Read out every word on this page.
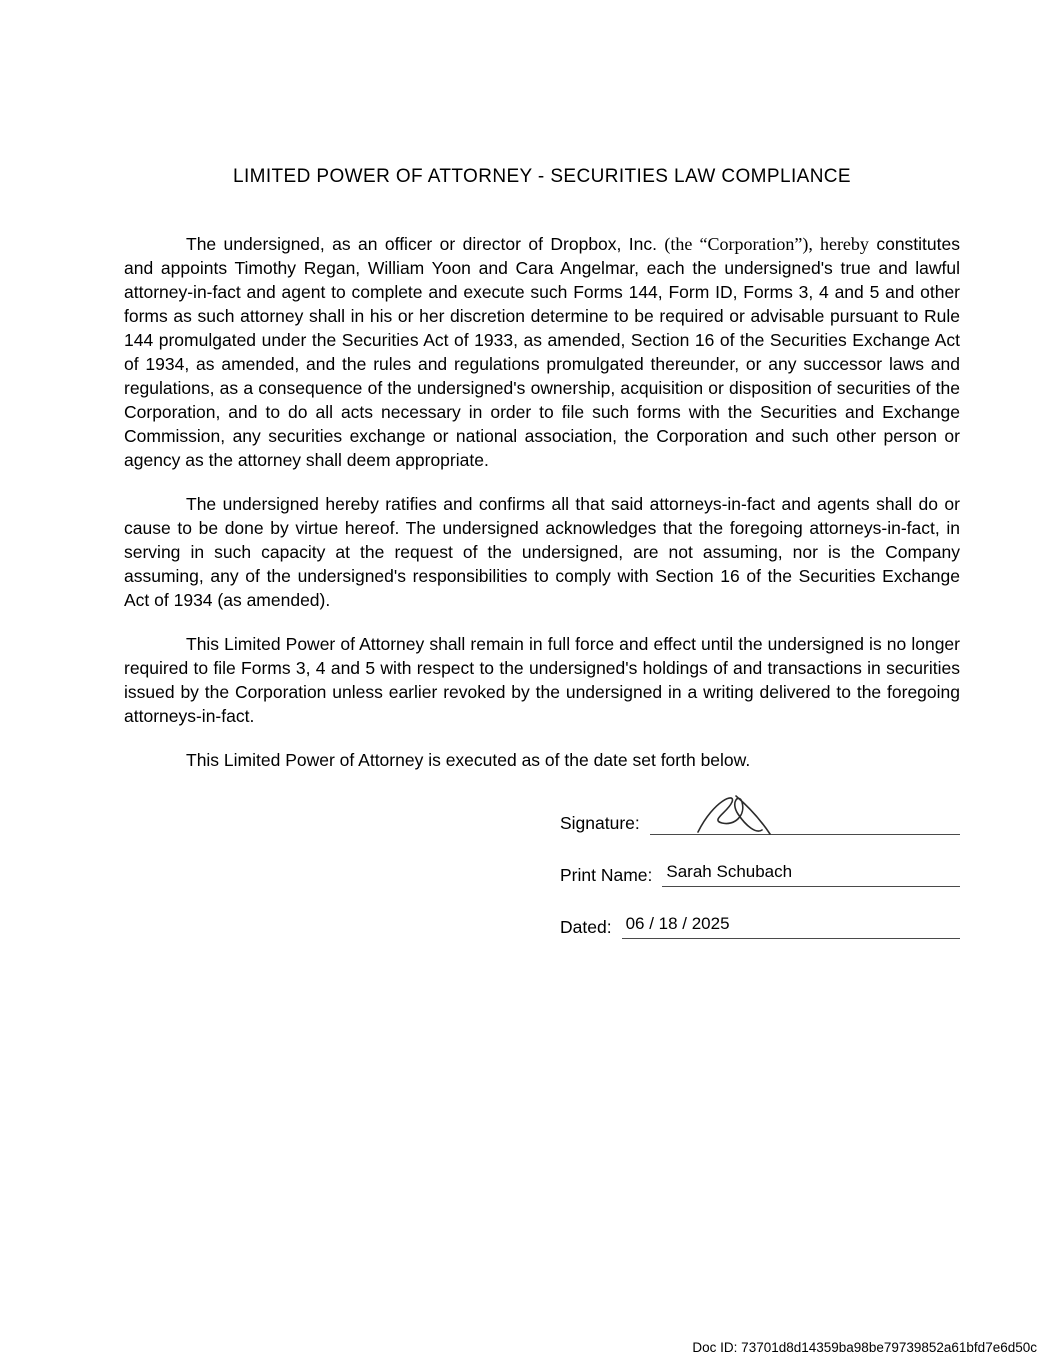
LIMITED POWER OF ATTORNEY - SECURITIES LAW COMPLIANCE

The undersigned, as an officer or director of Dropbox, Inc. (the “Corporation”), hereby constitutes and appoints Timothy Regan, William Yoon and Cara Angelmar, each the undersigned's true and lawful attorney-in-fact and agent to complete and execute such Forms 144, Form ID, Forms 3, 4 and 5 and other forms as such attorney shall in his or her discretion determine to be required or advisable pursuant to Rule 144 promulgated under the Securities Act of 1933, as amended, Section 16 of the Securities Exchange Act of 1934, as amended, and the rules and regulations promulgated thereunder, or any successor laws and regulations, as a consequence of the undersigned's ownership, acquisition or disposition of securities of the Corporation, and to do all acts necessary in order to file such forms with the Securities and Exchange Commission, any securities exchange or national association, the Corporation and such other person or agency as the attorney shall deem appropriate.

The undersigned hereby ratifies and confirms all that said attorneys-in-fact and agents shall do or cause to be done by virtue hereof. The undersigned acknowledges that the foregoing attorneys-in-fact, in serving in such capacity at the request of the undersigned, are not assuming, nor is the Company assuming, any of the undersigned's responsibilities to comply with Section 16 of the Securities Exchange Act of 1934 (as amended).

This Limited Power of Attorney shall remain in full force and effect until the undersigned is no longer required to file Forms 3, 4 and 5 with respect to the undersigned's holdings of and transactions in securities issued by the Corporation unless earlier revoked by the undersigned in a writing delivered to the foregoing attorneys-in-fact.

This Limited Power of Attorney is executed as of the date set forth below.

Signature:
Print Name: Sarah Schubach
Dated: 06 / 18 / 2025
Doc ID: 73701d8d14359ba98be79739852a61bfd7e6d50c
